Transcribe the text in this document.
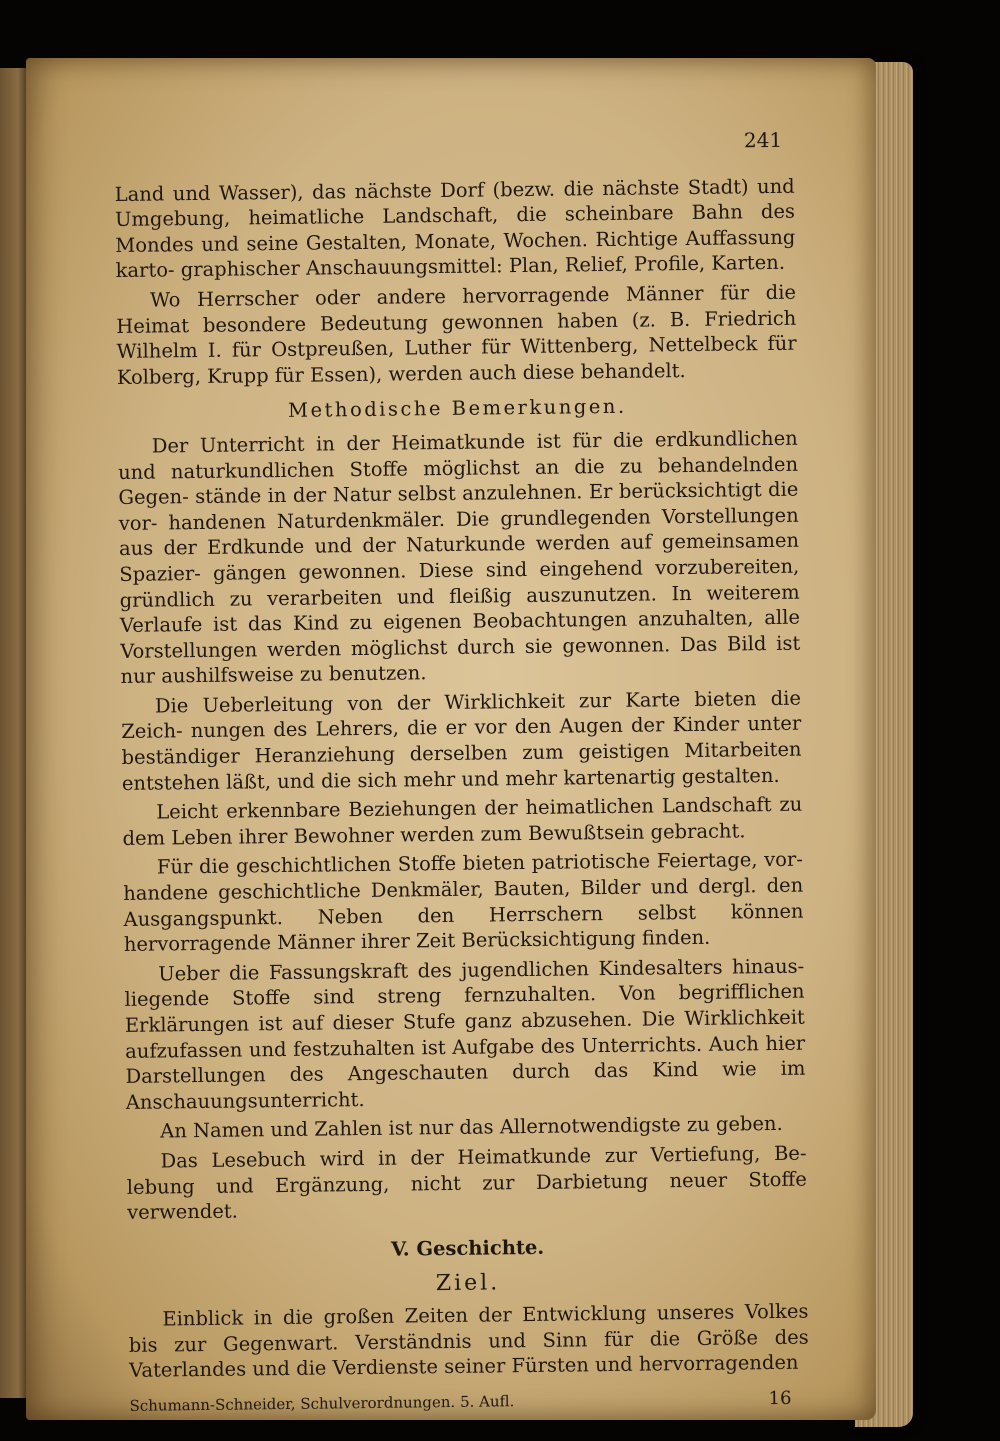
241

Land und Wasser), das nächste Dorf (bezw. die nächste Stadt) und Umgebung, heimatliche Landschaft, die scheinbare Bahn des Mondes und seine Gestalten, Monate, Wochen. Richtige Auffassung karto- graphischer Anschauungsmittel: Plan, Relief, Profile, Karten.

Wo Herrscher oder andere hervorragende Männer für die Heimat besondere Bedeutung gewonnen haben (z. B. Friedrich Wilhelm I. für Ostpreußen, Luther für Wittenberg, Nettelbeck für Kolberg, Krupp für Essen), werden auch diese behandelt.

Methodische Bemerkungen.

Der Unterricht in der Heimatkunde ist für die erdkundlichen und naturkundlichen Stoffe möglichst an die zu behandelnden Gegen- stände in der Natur selbst anzulehnen. Er berücksichtigt die vor- handenen Naturdenkmäler. Die grundlegenden Vorstellungen aus der Erdkunde und der Naturkunde werden auf gemeinsamen Spazier- gängen gewonnen. Diese sind eingehend vorzubereiten, gründlich zu verarbeiten und fleißig auszunutzen. In weiterem Verlaufe ist das Kind zu eigenen Beobachtungen anzuhalten, alle Vorstellungen werden möglichst durch sie gewonnen. Das Bild ist nur aushilfsweise zu benutzen.

Die Ueberleitung von der Wirklichkeit zur Karte bieten die Zeich- nungen des Lehrers, die er vor den Augen der Kinder unter beständiger Heranziehung derselben zum geistigen Mitarbeiten entstehen läßt, und die sich mehr und mehr kartenartig gestalten.

Leicht erkennbare Beziehungen der heimatlichen Landschaft zu dem Leben ihrer Bewohner werden zum Bewußtsein gebracht.

Für die geschichtlichen Stoffe bieten patriotische Feiertage, vor- handene geschichtliche Denkmäler, Bauten, Bilder und dergl. den Ausgangspunkt. Neben den Herrschern selbst können hervorragende Männer ihrer Zeit Berücksichtigung finden.

Ueber die Fassungskraft des jugendlichen Kindesalters hinaus- liegende Stoffe sind streng fernzuhalten. Von begrifflichen Erklärungen ist auf dieser Stufe ganz abzusehen. Die Wirklichkeit aufzufassen und festzuhalten ist Aufgabe des Unterrichts. Auch hier Darstellungen des Angeschauten durch das Kind wie im Anschauungsunterricht.

An Namen und Zahlen ist nur das Allernotwendigste zu geben.

Das Lesebuch wird in der Heimatkunde zur Vertiefung, Be- lebung und Ergänzung, nicht zur Darbietung neuer Stoffe verwendet.

V. Geschichte.
Ziel.

Einblick in die großen Zeiten der Entwicklung unseres Volkes bis zur Gegenwart. Verständnis und Sinn für die Größe des Vaterlandes und die Verdienste seiner Fürsten und hervorragenden

Schumann-Schneider, Schulverordnungen. 5. Aufl.	16
